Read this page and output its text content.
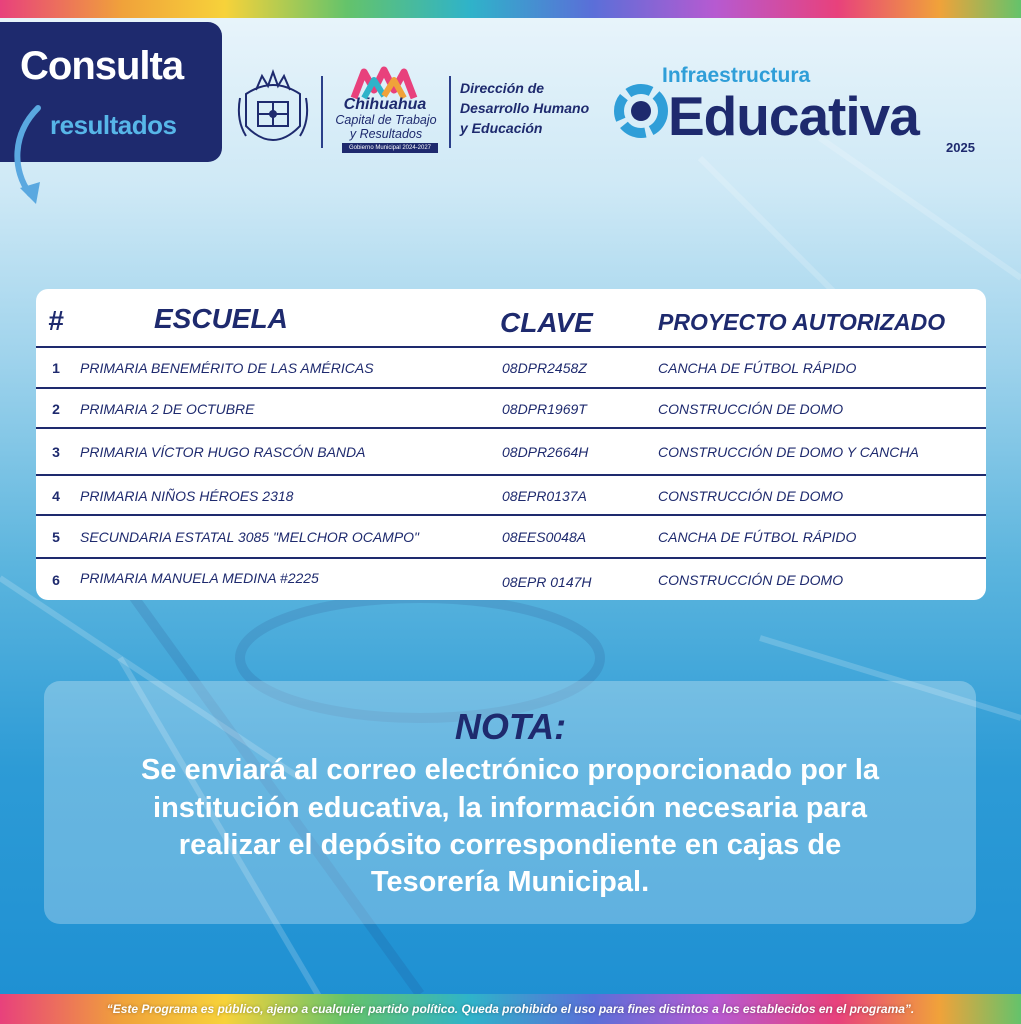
Consulta
resultados
Chihuahua
Capital de Trabajo
y Resultados
Gobierno Municipal 2024-2027
Dirección de
Desarrollo Humano
y Educación
Infraestructura
Educativa
2025
#	ESCUELA	CLAVE	PROYECTO AUTORIZADO
1 PRIMARIA BENEMÉRITO DE LAS AMÉRICAS	08DPR2458Z	CANCHA DE FÚTBOL RÁPIDO
2 PRIMARIA 2 DE OCTUBRE	08DPR1969T	CONSTRUCCIÓN DE DOMO
3 PRIMARIA VÍCTOR HUGO RASCÓN BANDA	08DPR2664H	CONSTRUCCIÓN DE DOMO Y CANCHA
4 PRIMARIA NIÑOS HÉROES 2318	08EPR0137A	CONSTRUCCIÓN DE DOMO
5 SECUNDARIA ESTATAL 3085 "MELCHOR OCAMPO"	08EES0048A	CANCHA DE FÚTBOL RÁPIDO
6 PRIMARIA MANUELA MEDINA #2225	08EPR 0147H	CONSTRUCCIÓN DE DOMO
NOTA:
Se enviará al correo electrónico proporcionado por la
institución educativa, la información necesaria para
realizar el depósito correspondiente en cajas de
Tesorería Municipal.
“Este Programa es público, ajeno a cualquier partido político. Queda prohibido el uso para fines distintos a los establecidos en el programa”.
